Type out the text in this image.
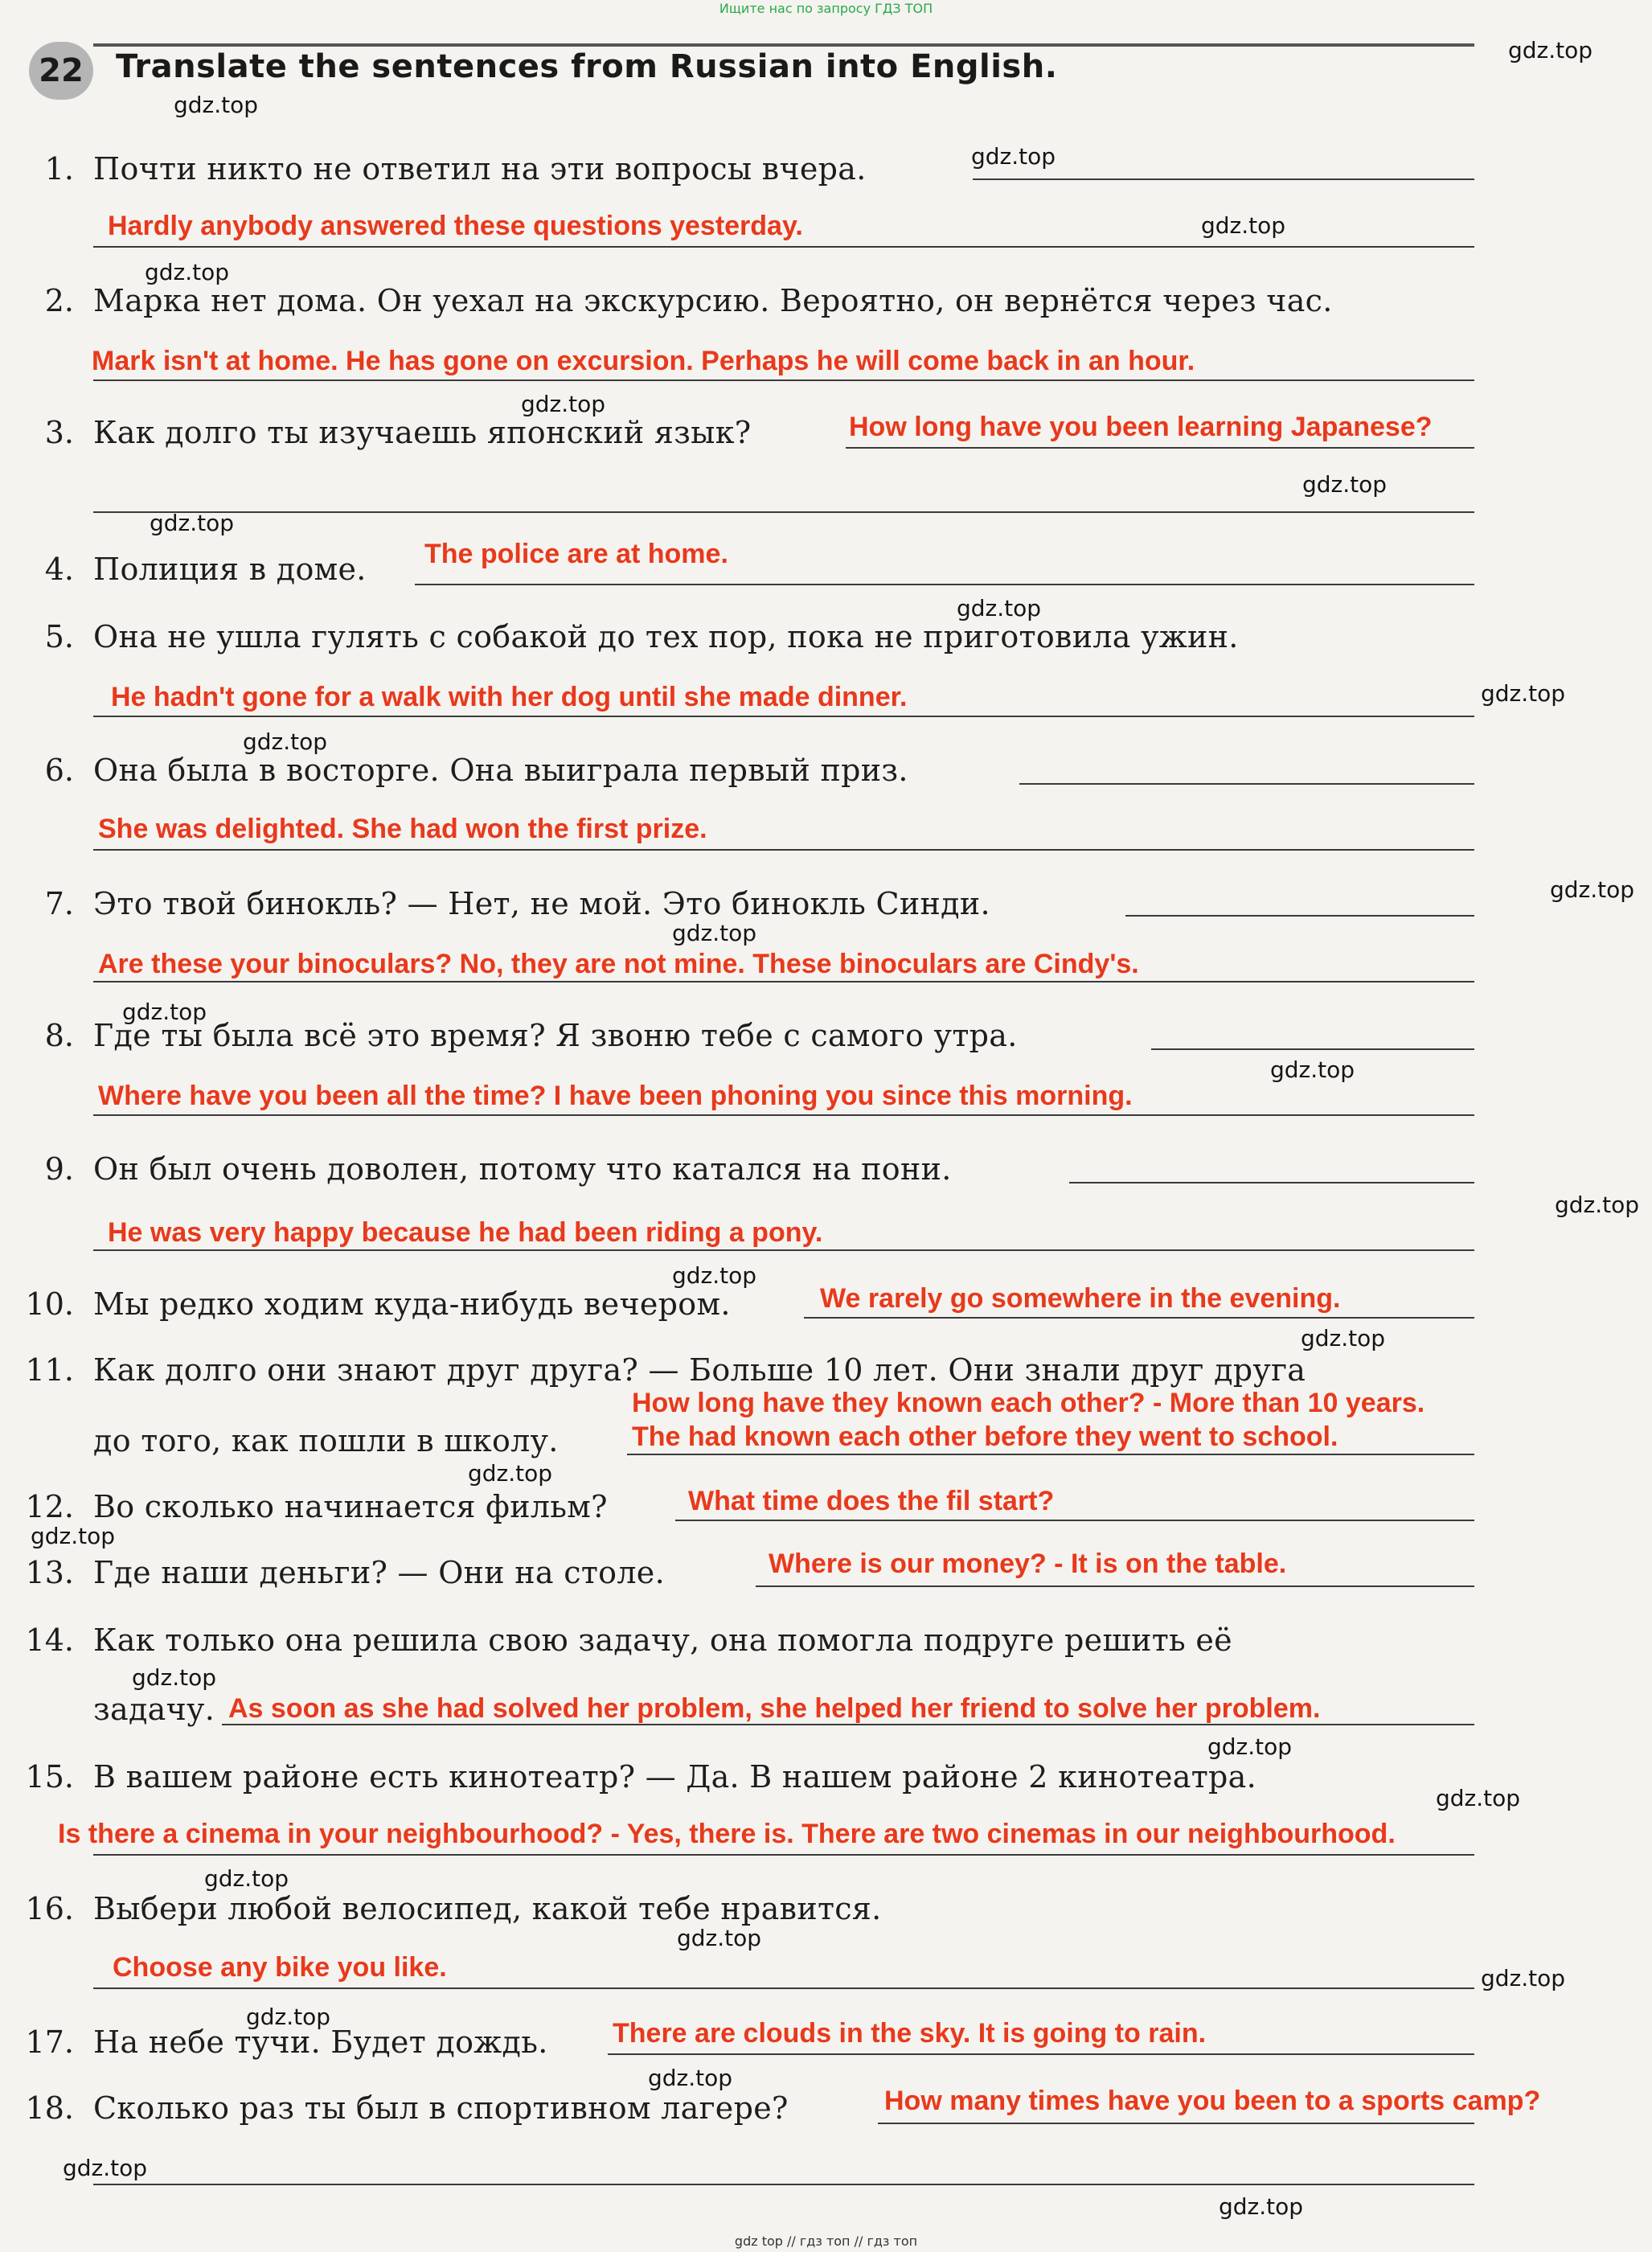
Ищите нас по запросу ГДЗ ТОП
22	Translate the sentences from Russian into English.
1. Почти никто не ответил на эти вопросы вчера.
Hardly anybody answered these questions yesterday.
2. Марка нет дома. Он уехал на экскурсию. Вероятно, он вернётся через час.
Mark isn't at home. He has gone on excursion. Perhaps he will come back in an hour.
3. Как долго ты изучаешь японский язык?	How long have you been learning Japanese?
4. Полиция в доме. The police are at home.
5. Она не ушла гулять с собакой до тех пор, пока не приготовила ужин.
He hadn't gone for a walk with her dog until she made dinner.
6. Она была в восторге. Она выиграла первый приз.
She was delighted. She had won the first prize.
7. Это твой бинокль? — Нет, не мой. Это бинокль Синди.
Are these your binoculars? No, they are not mine. These binoculars are Cindy's.
8. Где ты была всё это время? Я звоню тебе с самого утра.
Where have you been all the time? I have been phoning you since this morning.
9. Он был очень доволен, потому что катался на пони.
He was very happy because he had been riding a pony.
10. Мы редко ходим куда-нибудь вечером.	We rarely go somewhere in the evening.
11. Как долго они знают друг друга? — Больше 10 лет. Они знали друг друга
How long have they known each other? - More than 10 years.
до того, как пошли в школу.	The had known each other before they went to school.
12. Во сколько начинается фильм?	What time does the fil start?
13. Где наши деньги? — Они на столе.	Where is our money? - It is on the table.
14. Как только она решила свою задачу, она помогла подруге решить её
задачу. As soon as she had solved her problem, she helped her friend to solve her problem.
15. В вашем районе есть кинотеатр? — Да. В нашем районе 2 кинотеатра.
Is there a cinema in your neighbourhood? - Yes, there is. There are two cinemas in our neighbourhood.
16. Выбери любой велосипед, какой тебе нравится.
Choose any bike you like.
17. На небе тучи. Будет дождь. There are clouds in the sky. It is going to rain.
18. Сколько раз ты был в спортивном лагере?	How many times have you been to a sports camp?
gdz.top
gdz.top
gdz.top
gdz.top
gdz.top
gdz.top
gdz.top
gdz.top
gdz.top
gdz.top
gdz.top
gdz.top
gdz.top
gdz.top
gdz.top
gdz.top
gdz.top
gdz.top
gdz.top
gdz.top
gdz.top
gdz.top
gdz.top
gdz.top
gdz.top
gdz.top
gdz.top
gdz.top
gdz.top
gdz.top
gdz top // гдз топ // гдз топ
